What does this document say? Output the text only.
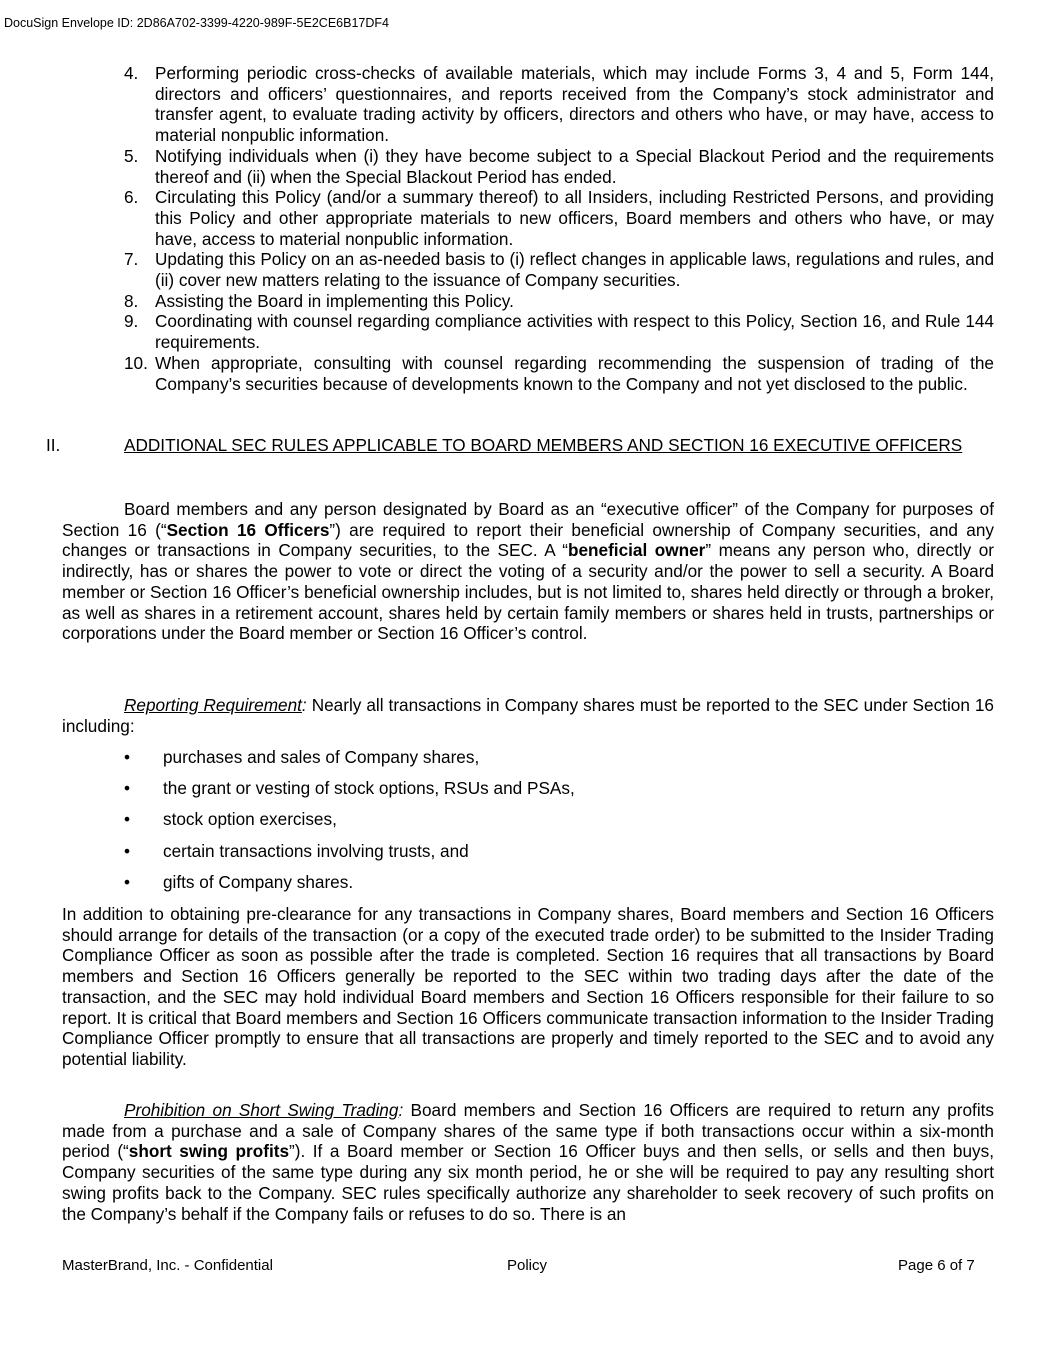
DocuSign Envelope ID: 2D86A702-3399-4220-989F-5E2CE6B17DF4
4. Performing periodic cross-checks of available materials, which may include Forms 3, 4 and 5, Form 144, directors and officers’ questionnaires, and reports received from the Company’s stock administrator and transfer agent, to evaluate trading activity by officers, directors and others who have, or may have, access to material nonpublic information.
5. Notifying individuals when (i) they have become subject to a Special Blackout Period and the requirements thereof and (ii) when the Special Blackout Period has ended.
6. Circulating this Policy (and/or a summary thereof) to all Insiders, including Restricted Persons, and providing this Policy and other appropriate materials to new officers, Board members and others who have, or may have, access to material nonpublic information.
7. Updating this Policy on an as-needed basis to (i) reflect changes in applicable laws, regulations and rules, and (ii) cover new matters relating to the issuance of Company securities.
8. Assisting the Board in implementing this Policy.
9. Coordinating with counsel regarding compliance activities with respect to this Policy, Section 16, and Rule 144 requirements.
10. When appropriate, consulting with counsel regarding recommending the suspension of trading of the Company’s securities because of developments known to the Company and not yet disclosed to the public.
II.	ADDITIONAL SEC RULES APPLICABLE TO BOARD MEMBERS AND SECTION 16 EXECUTIVE OFFICERS

Board members and any person designated by Board as an “executive officer” of the Company for purposes of Section 16 (“Section 16 Officers”) are required to report their beneficial ownership of Company securities, and any changes or transactions in Company securities, to the SEC. A “beneficial owner” means any person who, directly or indirectly, has or shares the power to vote or direct the voting of a security and/or the power to sell a security. A Board member or Section 16 Officer’s beneficial ownership includes, but is not limited to, shares held directly or through a broker, as well as shares in a retirement account, shares held by certain family members or shares held in trusts, partnerships or corporations under the Board member or Section 16 Officer’s control.

Reporting Requirement: Nearly all transactions in Company shares must be reported to the SEC under Section 16 including:

• purchases and sales of Company shares,
• the grant or vesting of stock options, RSUs and PSAs,
• stock option exercises,
• certain transactions involving trusts, and
• gifts of Company shares.

In addition to obtaining pre-clearance for any transactions in Company shares, Board members and Section 16 Officers should arrange for details of the transaction (or a copy of the executed trade order) to be submitted to the Insider Trading Compliance Officer as soon as possible after the trade is completed. Section 16 requires that all transactions by Board members and Section 16 Officers generally be reported to the SEC within two trading days after the date of the transaction, and the SEC may hold individual Board members and Section 16 Officers responsible for their failure to so report. It is critical that Board members and Section 16 Officers communicate transaction information to the Insider Trading Compliance Officer promptly to ensure that all transactions are properly and timely reported to the SEC and to avoid any potential liability.

Prohibition on Short Swing Trading: Board members and Section 16 Officers are required to return any profits made from a purchase and a sale of Company shares of the same type if both transactions occur within a six-month period (“short swing profits”). If a Board member or Section 16 Officer buys and then sells, or sells and then buys, Company securities of the same type during any six month period, he or she will be required to pay any resulting short swing profits back to the Company. SEC rules specifically authorize any shareholder to seek recovery of such profits on the Company’s behalf if the Company fails or refuses to do so. There is an

MasterBrand, Inc. - Confidential	Policy	Page 6 of 7
